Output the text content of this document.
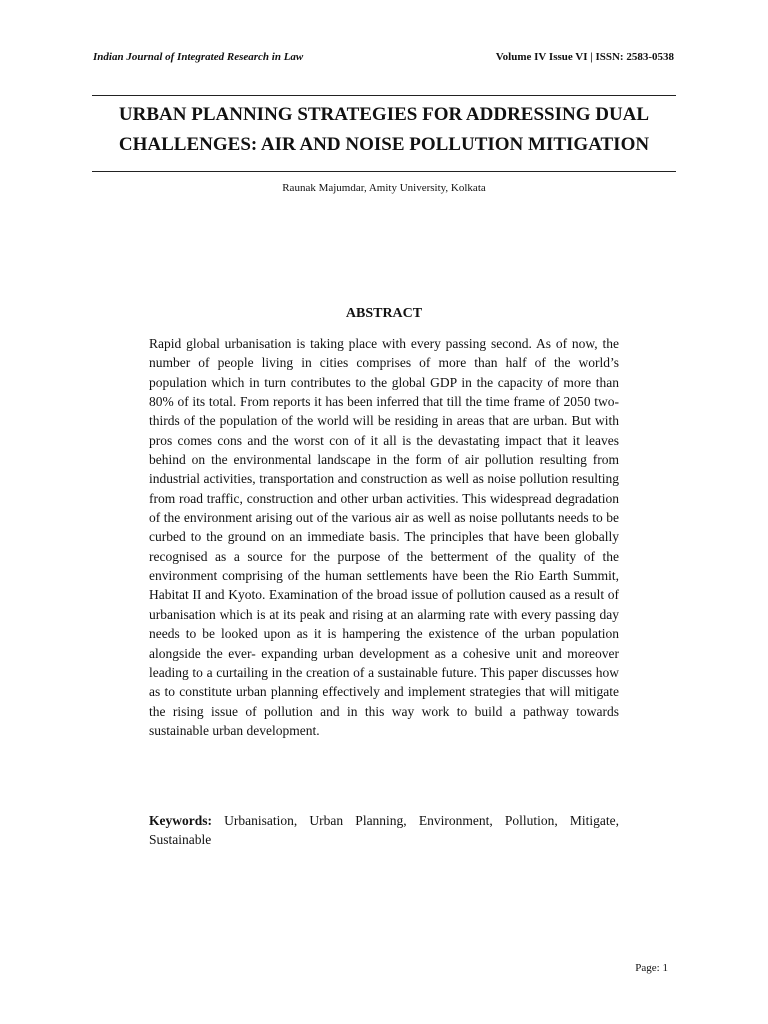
Indian Journal of Integrated Research in Law	Volume IV Issue VI | ISSN: 2583-0538
URBAN PLANNING STRATEGIES FOR ADDRESSING DUAL
CHALLENGES: AIR AND NOISE POLLUTION MITIGATION
Raunak Majumdar, Amity University, Kolkata
ABSTRACT

Rapid global urbanisation is taking place with every passing second. As of now, the number of people living in cities comprises of more than half of the world’s population which in turn contributes to the global GDP in the capacity of more than 80% of its total. From reports it has been inferred that till the time frame of 2050 two-thirds of the population of the world will be residing in areas that are urban. But with pros comes cons and the worst con of it all is the devastating impact that it leaves behind on the environmental landscape in the form of air pollution resulting from industrial activities, transportation and construction as well as noise pollution resulting from road traffic, construction and other urban activities. This widespread degradation of the environment arising out of the various air as well as noise pollutants needs to be curbed to the ground on an immediate basis. The principles that have been globally recognised as a source for the purpose of the betterment of the quality of the environment comprising of the human settlements have been the Rio Earth Summit, Habitat II and Kyoto. Examination of the broad issue of pollution caused as a result of urbanisation which is at its peak and rising at an alarming rate with every passing day needs to be looked upon as it is hampering the existence of the urban population alongside the ever- expanding urban development as a cohesive unit and moreover leading to a curtailing in the creation of a sustainable future. This paper discusses how as to constitute urban planning effectively and implement strategies that will mitigate the rising issue of pollution and in this way work to build a pathway towards sustainable urban development.

Keywords: Urbanisation, Urban Planning, Environment, Pollution, Mitigate, Sustainable

Page: 1
